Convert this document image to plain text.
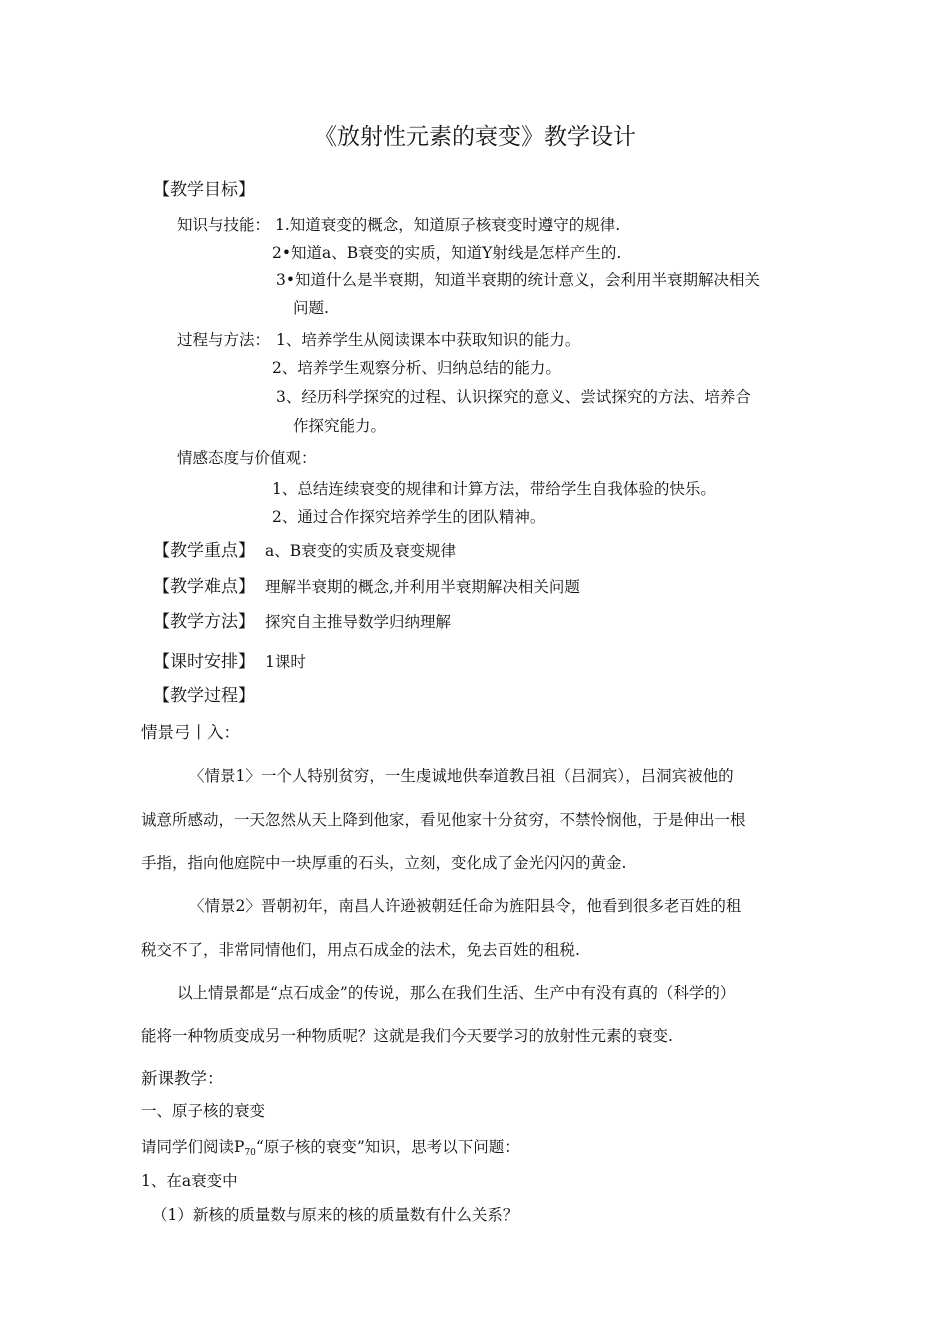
《放射性元素的衰变》教学设计
【教学目标】
知识与技能： 1.知道衰变的概念，知道原子核衰变时遵守的规律.
2•知道a、B衰变的实质，知道Y射线是怎样产生的.
3•知道什么是半衰期，知道半衰期的统计意义，会利用半衰期解决相关
问题.
过程与方法： 1、培养学生从阅读课本中获取知识的能力。
2、培养学生观察分析、归纳总结的能力。
3、经历科学探究的过程、认识探究的意义、尝试探究的方法、培养合
作探究能力。
情感态度与价值观：
1、总结连续衰变的规律和计算方法，带给学生自我体验的快乐。
2、通过合作探究培养学生的团队精神。
【教学重点】 a、B衰变的实质及衰变规律
【教学难点】 理解半衰期的概念,并利用半衰期解决相关问题
【教学方法】 探究自主推导数学归纳理解
【课时安排】 1课时
【教学过程】
情景弓丨入：
〈情景1〉一个人特别贫穷，一生虔诚地供奉道教吕祖（吕洞宾），吕洞宾被他的
诚意所感动，一天忽然从天上降到他家，看见他家十分贫穷，不禁怜悯他，于是伸出一根
手指，指向他庭院中一块厚重的石头，立刻，变化成了金光闪闪的黄金.
〈情景2〉晋朝初年，南昌人许逊被朝廷任命为旌阳县令，他看到很多老百姓的租
税交不了，非常同情他们，用点石成金的法术，免去百姓的租税.
以上情景都是“点石成金”的传说，那么在我们生活、生产中有没有真的（科学的）
能将一种物质变成另一种物质呢？这就是我们今天要学习的放射性元素的衰变.
新课教学：
一、原子核的衰变
请同学们阅读$P_{70}“$原子核的衰变”知识，思考以下问题：
1、在a衰变中
（1）新核的质量数与原来的核的质量数有什么关系？
